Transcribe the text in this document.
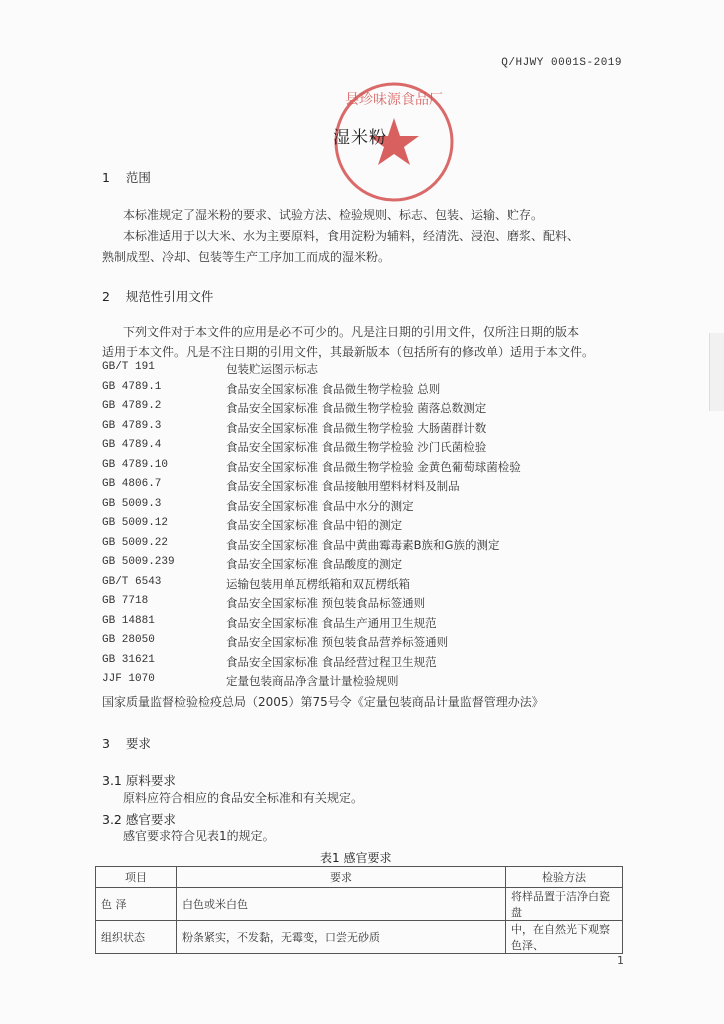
Q/HJWY 0001S-2019
县珍味源食品厂
湿米粉
1 范围
本标准规定了湿米粉的要求、试验方法、检验规则、标志、包装、运输、贮存。
本标准适用于以大米、水为主要原料，食用淀粉为辅料，经清洗、浸泡、磨浆、配料、
熟制成型、冷却、包装等生产工序加工而成的湿米粉。
2 规范性引用文件
下列文件对于本文件的应用是必不可少的。凡是注日期的引用文件，仅所注日期的版本
适用于本文件。凡是不注日期的引用文件，其最新版本（包括所有的修改单）适用于本文件。
GB/T 191	包装贮运图示标志
GB 4789.1	食品安全国家标准 食品微生物学检验 总则
GB 4789.2	食品安全国家标准 食品微生物学检验 菌落总数测定
GB 4789.3	食品安全国家标准 食品微生物学检验 大肠菌群计数
GB 4789.4	食品安全国家标准 食品微生物学检验 沙门氏菌检验
GB 4789.10	食品安全国家标准 食品微生物学检验 金黄色葡萄球菌检验
GB 4806.7	食品安全国家标准 食品接触用塑料材料及制品
GB 5009.3	食品安全国家标准 食品中水分的测定
GB 5009.12	食品安全国家标准 食品中铅的测定
GB 5009.22	食品安全国家标准 食品中黄曲霉毒素B族和G族的测定
GB 5009.239	食品安全国家标准 食品酸度的测定
GB/T 6543	运输包装用单瓦楞纸箱和双瓦楞纸箱
GB 7718	食品安全国家标准 预包装食品标签通则
GB 14881	食品安全国家标准 食品生产通用卫生规范
GB 28050	食品安全国家标准 预包装食品营养标签通则
GB 31621	食品安全国家标准 食品经营过程卫生规范
JJF 1070	定量包装商品净含量计量检验规则
国家质量监督检验检疫总局（2005）第75号令《定量包装商品计量监督管理办法》
3 要求
3.1 原料要求
原料应符合相应的食品安全标准和有关规定。
3.2 感官要求
感官要求符合见表1的规定。
表1 感官要求
项目	要求	检验方法
色 泽	白色或米白色	将样品置于洁净白瓷盘
组织状态	粉条紧实，不发黏，无霉变，口尝无砂质	中，在自然光下观察色泽、
1
